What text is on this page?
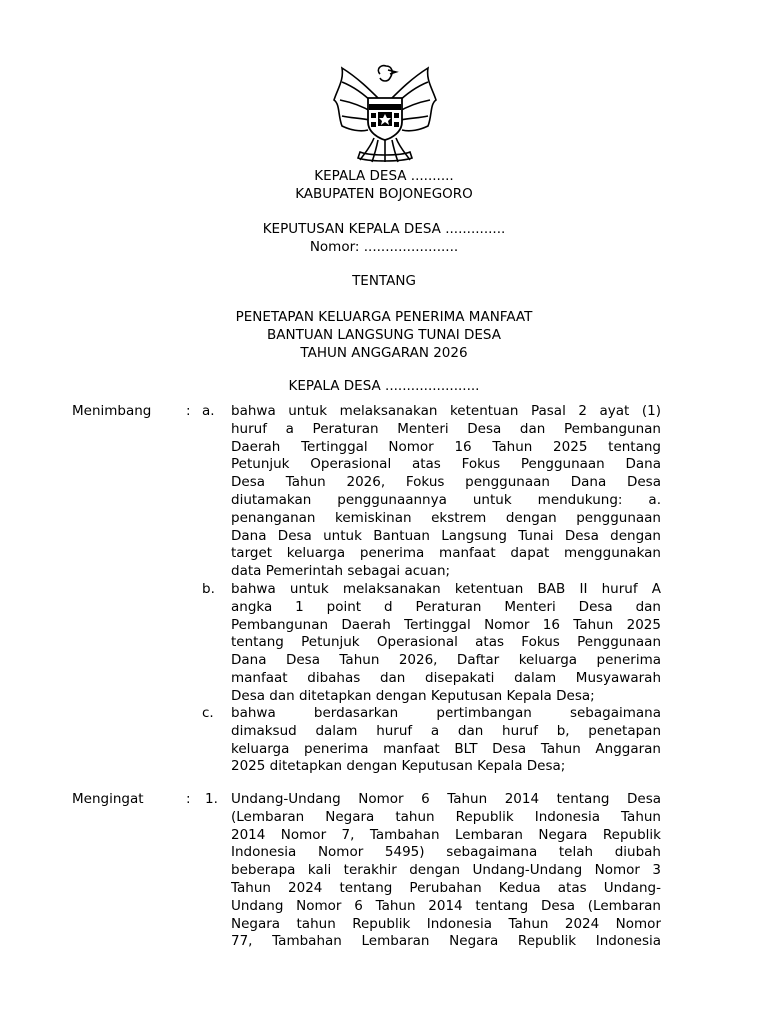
KEPALA DESA ..........
KABUPATEN BOJONEGORO
KEPUTUSAN KEPALA DESA ..............
Nomor: ......................
TENTANG
PENETAPAN KELUARGA PENERIMA MANFAAT
BANTUAN LANGSUNG TUNAI DESA
TAHUN ANGGARAN 2026
KEPALA DESA ......................
Menimbang	: a. bahwa untuk melaksanakan ketentuan Pasal 2 ayat (1)
huruf a Peraturan Menteri Desa dan Pembangunan
Daerah Tertinggal Nomor 16 Tahun 2025 tentang
Petunjuk Operasional atas Fokus Penggunaan Dana
Desa Tahun 2026, Fokus penggunaan Dana Desa
diutamakan penggunaannya untuk mendukung: a.
penanganan kemiskinan ekstrem dengan penggunaan
Dana Desa untuk Bantuan Langsung Tunai Desa dengan
target keluarga penerima manfaat dapat menggunakan
data Pemerintah sebagai acuan;
b. bahwa untuk melaksanakan ketentuan BAB II huruf A
angka 1 point d Peraturan Menteri Desa dan
Pembangunan Daerah Tertinggal Nomor 16 Tahun 2025
tentang Petunjuk Operasional atas Fokus Penggunaan
Dana Desa Tahun 2026, Daftar keluarga penerima
manfaat dibahas dan disepakati dalam Musyawarah
Desa dan ditetapkan dengan Keputusan Kepala Desa;
c. bahwa berdasarkan pertimbangan sebagaimana
dimaksud dalam huruf a dan huruf b, penetapan
keluarga penerima manfaat BLT Desa Tahun Anggaran
2025 ditetapkan dengan Keputusan Kepala Desa;
Mengingat	: 1. Undang-Undang Nomor 6 Tahun 2014 tentang Desa
(Lembaran Negara tahun Republik Indonesia Tahun
2014 Nomor 7, Tambahan Lembaran Negara Republik
Indonesia Nomor 5495) sebagaimana telah diubah
beberapa kali terakhir dengan Undang-Undang Nomor 3
Tahun 2024 tentang Perubahan Kedua atas Undang-
Undang Nomor 6 Tahun 2014 tentang Desa (Lembaran
Negara tahun Republik Indonesia Tahun 2024 Nomor
77, Tambahan Lembaran Negara Republik Indonesia
